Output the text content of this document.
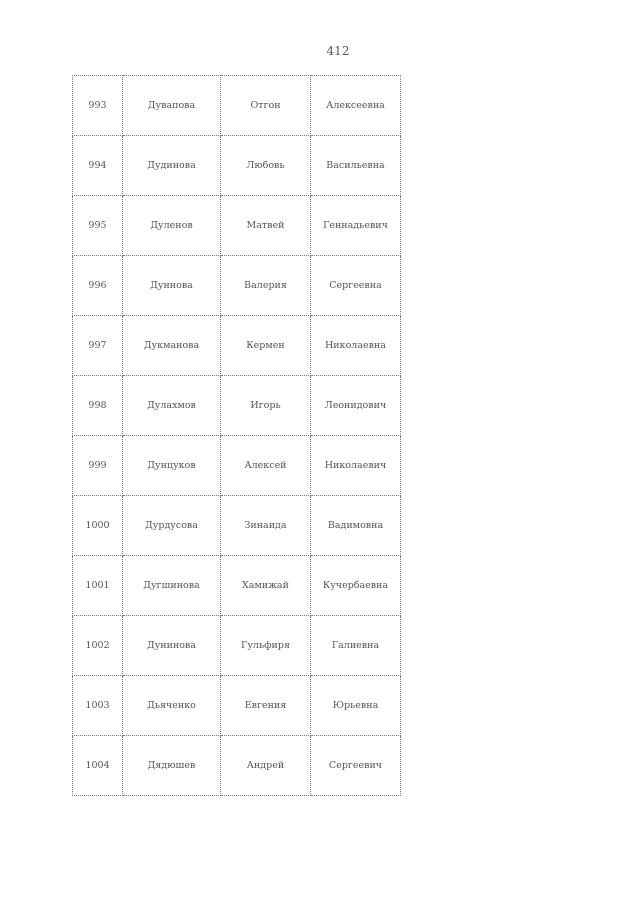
412
993	Дувапова	Отгон	Алексеевна
994	Дудинова	Любовь	Васильевна
995	Дуленов	Матвей	Геннадьевич
996	Дуннова	Валерия	Сергеевна
997	Дукманова	Кермен	Николаевна
998	Дулахмов	Игорь	Леонидович
999	Дунцуков	Алексей	Николаевич
1000	Дурдусова	Зинаида	Вадимовна
1001	Дугшинова	Хамижай	Кучербаевна
1002	Дунинова	Гульфиря	Галиевна
1003	Дьяченко	Евгения	Юрьевна
1004	Дядюшев	Андрей	Сергеевич
